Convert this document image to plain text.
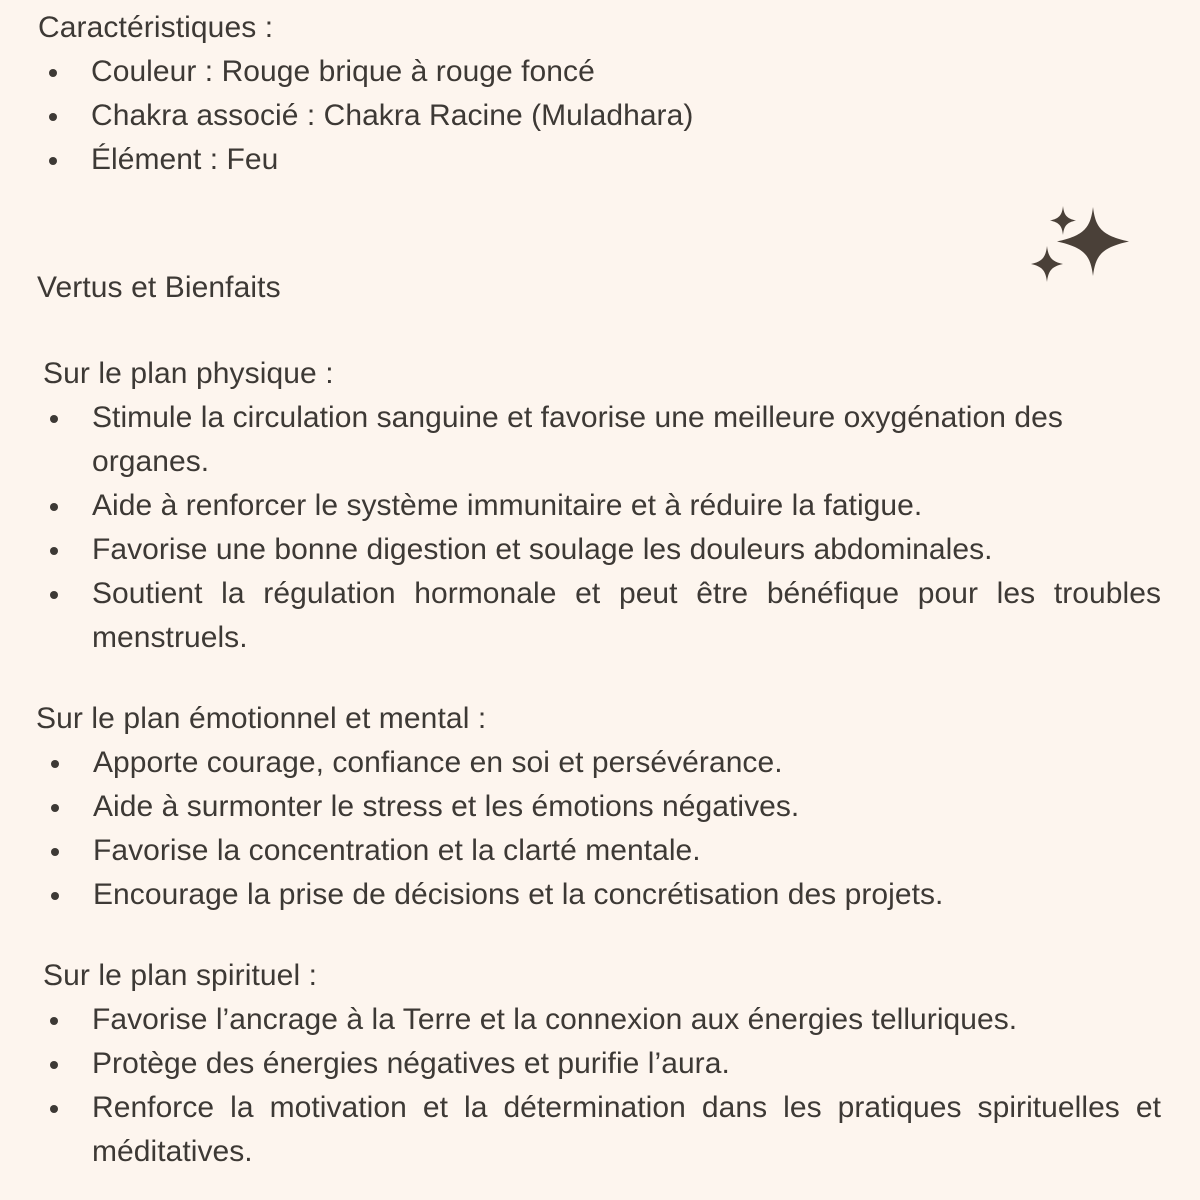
Caractéristiques :
Couleur : Rouge brique à rouge foncé
Chakra associé : Chakra Racine (Muladhara)
Élément : Feu
Vertus et Bienfaits
Sur le plan physique :
Stimule la circulation sanguine et favorise une meilleure oxygénation des organes.
Aide à renforcer le système immunitaire et à réduire la fatigue.
Favorise une bonne digestion et soulage les douleurs abdominales.
Soutient la régulation hormonale et peut être bénéfique pour les troubles menstruels.
Sur le plan émotionnel et mental :
Apporte courage, confiance en soi et persévérance.
Aide à surmonter le stress et les émotions négatives.
Favorise la concentration et la clarté mentale.
Encourage la prise de décisions et la concrétisation des projets.
Sur le plan spirituel :
Favorise l’ancrage à la Terre et la connexion aux énergies telluriques.
Protège des énergies négatives et purifie l’aura.
Renforce la motivation et la détermination dans les pratiques spirituelles et méditatives.
